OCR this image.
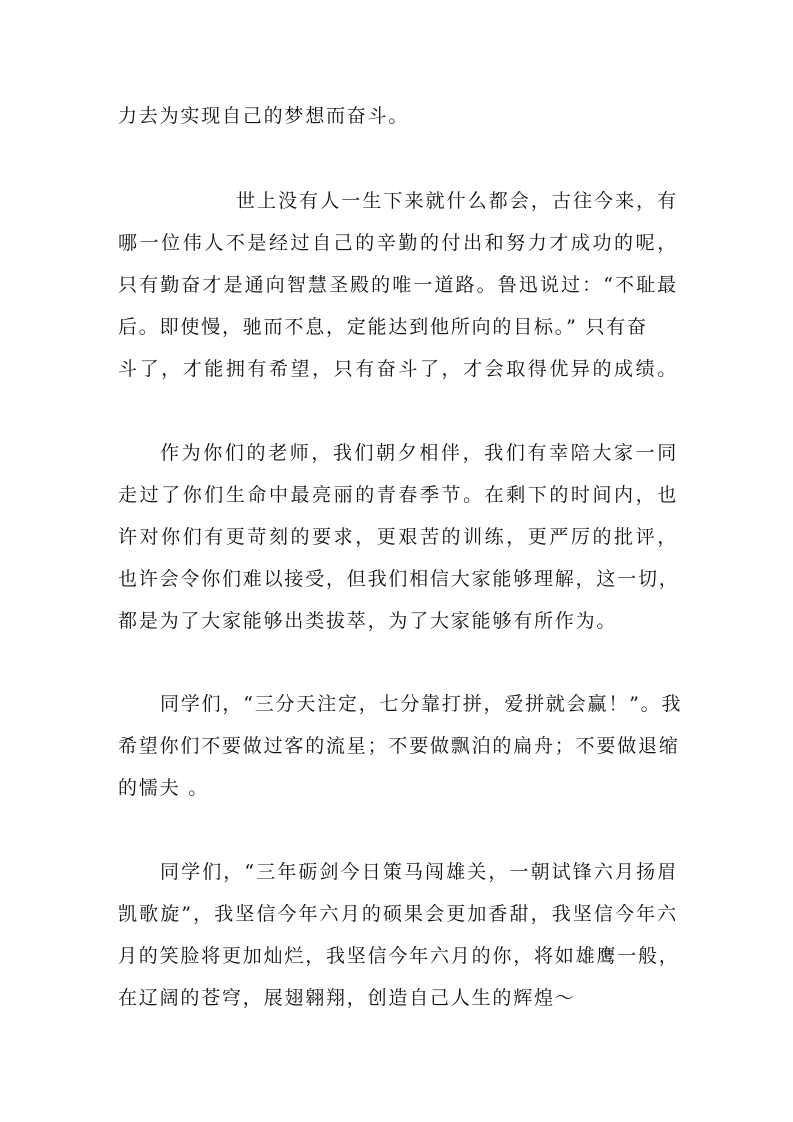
力去为实现自己的梦想而奋斗。
世上没有人一生下来就什么都会，古往今来，有
哪一位伟人不是经过自己的辛勤的付出和努力才成功的呢，
只有勤奋才是通向智慧圣殿的唯一道路。鲁迅说过：“不耻最
后。即使慢，驰而不息，定能达到他所向的目标。” 只有奋
斗了，才能拥有希望，只有奋斗了，才会取得优异的成绩。
作为你们的老师，我们朝夕相伴，我们有幸陪大家一同
走过了你们生命中最亮丽的青春季节。在剩下的时间内，也
许对你们有更苛刻的要求，更艰苦的训练，更严厉的批评，
也许会令你们难以接受，但我们相信大家能够理解，这一切，
都是为了大家能够出类拔萃，为了大家能够有所作为。
同学们，“三分天注定，七分靠打拼，爱拼就会赢！”。我
希望你们不要做过客的流星；不要做飘泊的扁舟；不要做退缩
的懦夫 。
同学们，“三年砺剑今日策马闯雄关，一朝试锋六月扬眉
凯歌旋”，我坚信今年六月的硕果会更加香甜，我坚信今年六
月的笑脸将更加灿烂，我坚信今年六月的你，将如雄鹰一般，
在辽阔的苍穹，展翅翱翔，创造自己人生的辉煌～
